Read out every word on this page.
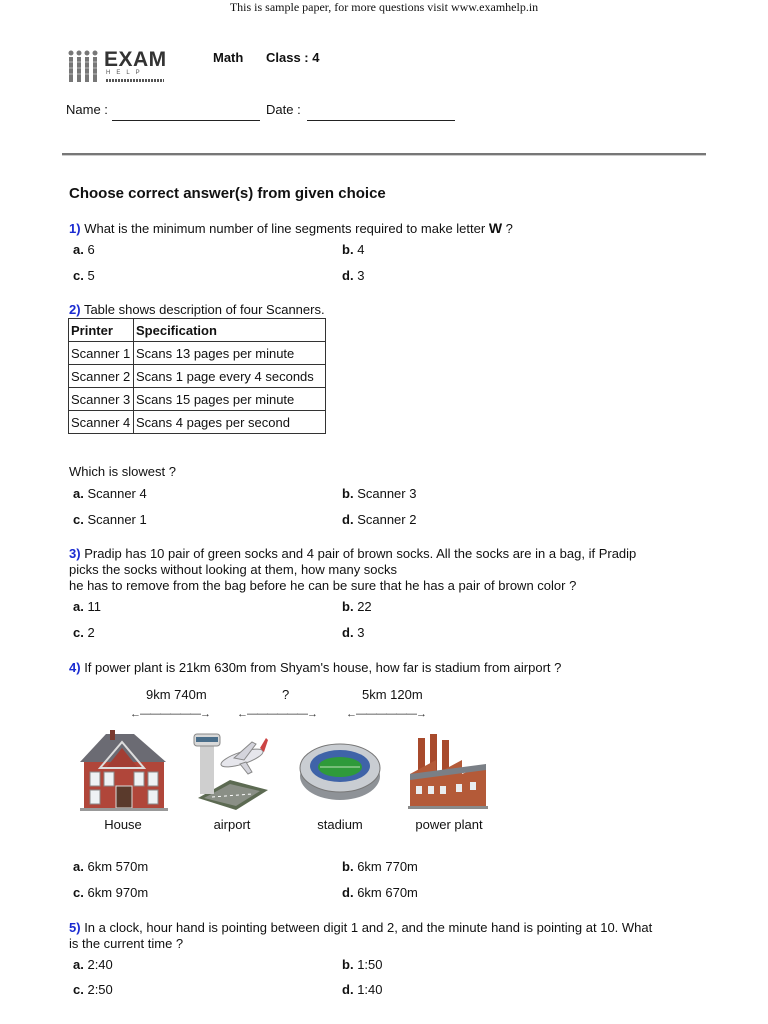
This is sample paper, for more questions visit www.examhelp.in
EXAM
HELP
Math Class : 4
Name :	Date :
Choose correct answer(s) from given choice
1) What is the minimum number of line segments required to make letter W ?
a. 6	b. 4
c. 5	d. 3
2) Table shows description of four Scanners.
Printer	Specification
Scanner 1	Scans 13 pages per minute
Scanner 2	Scans 1 page every 4 seconds
Scanner 3	Scans 15 pages per minute
Scanner 4	Scans 4 pages per second
Which is slowest ?
a. Scanner 4	b. Scanner 3
c. Scanner 1	d. Scanner 2
3) Pradip has 10 pair of green socks and 4 pair of brown socks. All the socks are in a bag, if Pradip
picks the socks without looking at them, how many socks
he has to remove from the bag before he can be sure that he has a pair of brown color ?
a. 11	b. 22
c. 2	d. 3
4) If power plant is 21km 630m from Shyam's house, how far is stadium from airport ?
9km 740m	?	5km 120m
←——————→ ←——————→	←——————→
House	airport	stadium	power plant
a. 6km 570m	b. 6km 770m
c. 6km 970m	d. 6km 670m
5) In a clock, hour hand is pointing between digit 1 and 2, and the minute hand is pointing at 10. What
is the current time ?
a. 2:40	b. 1:50
c. 2:50	d. 1:40
